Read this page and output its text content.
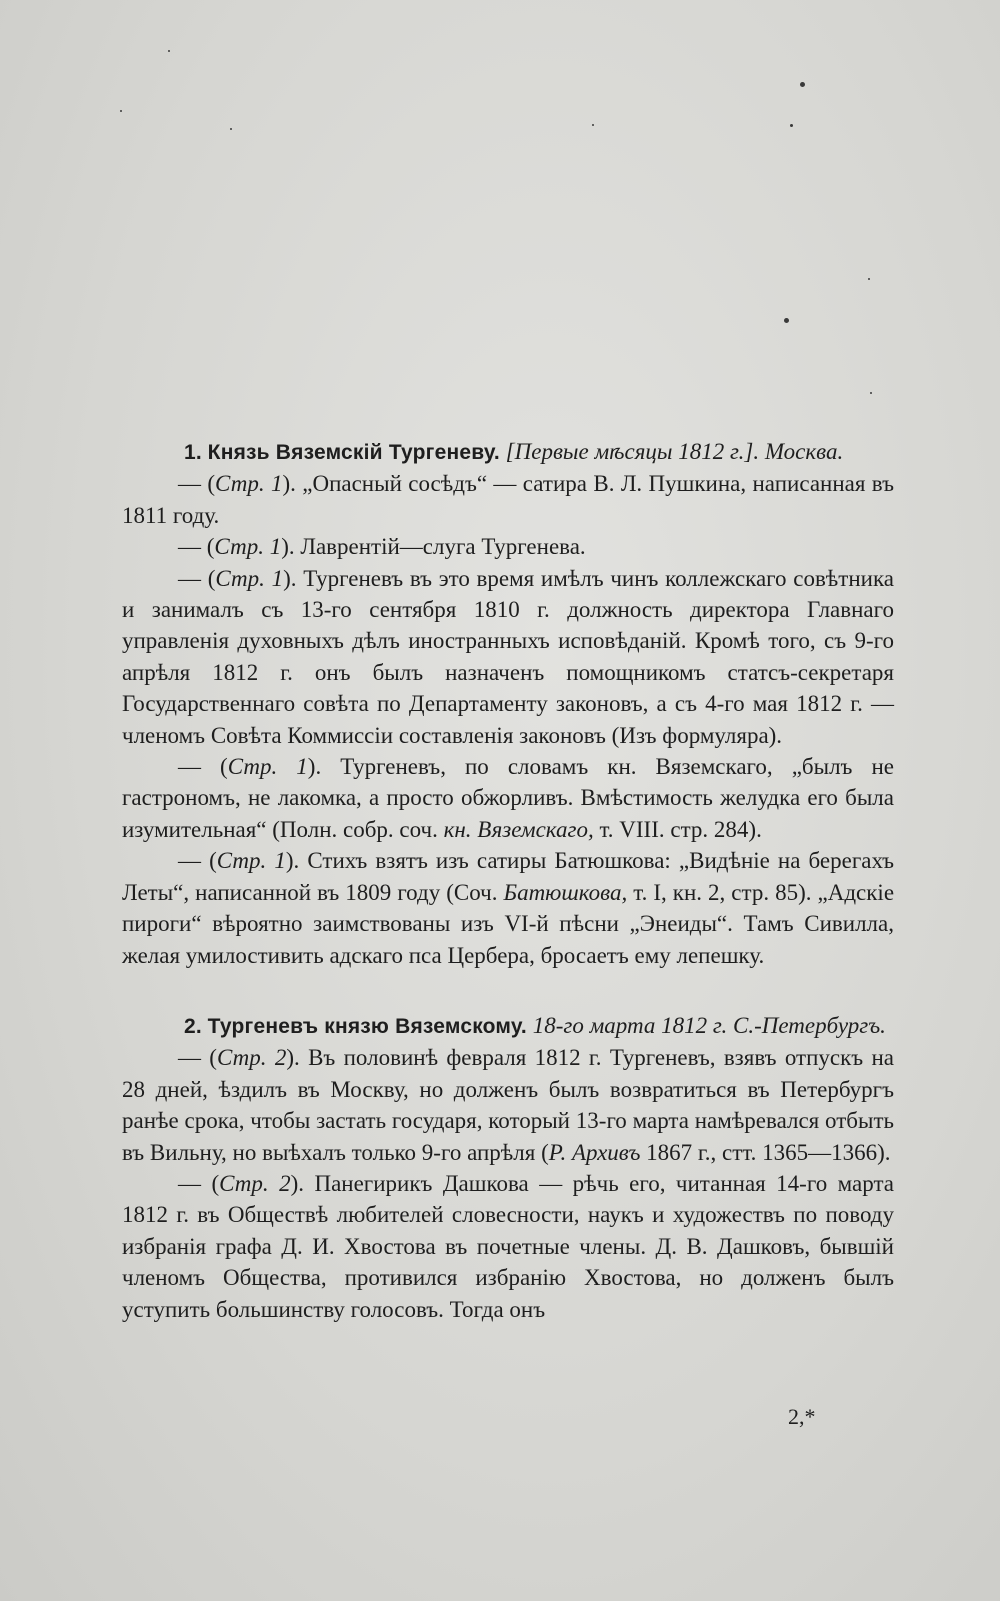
1. Князь Вяземскій Тургеневу. [Первые мѣсяцы 1812 г.]. Москва.

— (Стр. 1). „Опасный сосѣдъ“ — сатира В. Л. Пушкина, написанная въ 1811 году.

— (Стр. 1). Лаврентій—слуга Тургенева.

— (Стр. 1). Тургеневъ въ это время имѣлъ чинъ коллежскаго совѣтника и занималъ съ 13-го сентября 1810 г. должность директора Главнаго управленія духовныхъ дѣлъ иностранныхъ исповѣданій. Кромѣ того, съ 9-го апрѣля 1812 г. онъ былъ назначенъ помощникомъ статсъ-секретаря Государственнаго совѣта по Департаменту законовъ, а съ 4-го мая 1812 г. — членомъ Совѣта Коммиссіи составленія законовъ (Изъ формуляра).

— (Стр. 1). Тургеневъ, по словамъ кн. Вяземскаго, „былъ не гастрономъ, не лакомка, а просто обжорливъ. Вмѣстимость желудка его была изумительная“ (Полн. собр. соч. кн. Вяземскаго, т. VIII. стр. 284).

— (Стр. 1). Стихъ взятъ изъ сатиры Батюшкова: „Видѣніе на берегахъ Леты“, написанной въ 1809 году (Соч. Батюшкова, т. I, кн. 2, стр. 85). „Адскіе пироги“ вѣроятно заимствованы изъ VI-й пѣсни „Энеиды“. Тамъ Сивилла, желая умилостивить адскаго пса Цербера, бросаетъ ему лепешку.

2. Тургеневъ князю Вяземскому. 18-го марта 1812 г. С.-Петербургъ.

— (Стр. 2). Въ половинѣ февраля 1812 г. Тургеневъ, взявъ отпускъ на 28 дней, ѣздилъ въ Москву, но долженъ былъ возвратиться въ Петербургъ ранѣе срока, чтобы застать государя, который 13-го марта намѣревался отбыть въ Вильну, но выѣхалъ только 9-го апрѣля (Р. Архивъ 1867 г., стт. 1365—1366).

— (Стр. 2). Панегирикъ Дашкова — рѣчь его, читанная 14-го марта 1812 г. въ Обществѣ любителей словесности, наукъ и художествъ по поводу избранія графа Д. И. Хвостова въ почетные члены. Д. В. Дашковъ, бывшій членомъ Общества, противился избранію Хвостова, но долженъ былъ уступить большинству голосовъ. Тогда онъ

2,*
